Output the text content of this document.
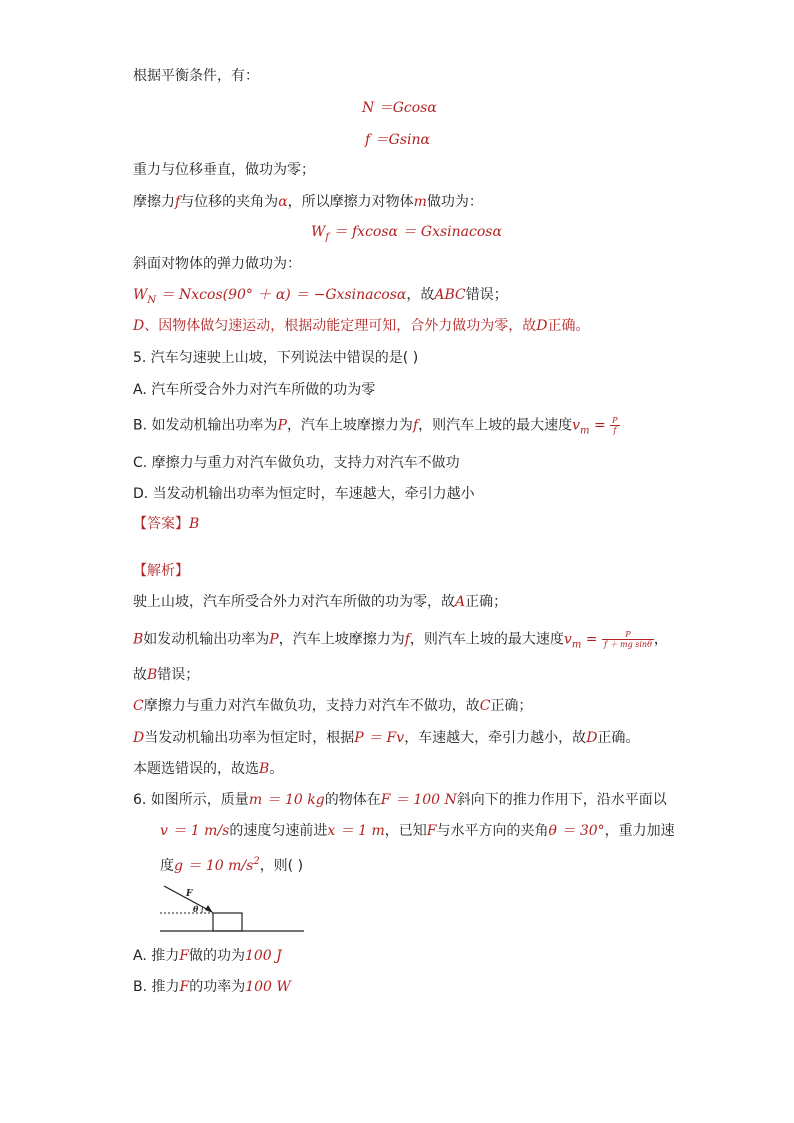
根据平衡条件，有：
N ＝Gcosα
f ＝Gsinα
重力与位移垂直，做功为零；
摩擦力f与位移的夹角为α，所以摩擦力对物体m做功为：
$W_f = fxcos\alpha$ ＝ Gxsinacosα
斜面对物体的弹力做功为：
$W_N = Nxcos(90^\circ + \alpha)$ ＝ −Gxsinacosα，故ABC错误；
D、因物体做匀速运动，根据动能定理可知，合外力做功为零，故D正确。
5. 汽车匀速驶上山坡，下列说法中错误的是( )
A. 汽车所受合外力对汽车所做的功为零
B. 如发动机输出功率为P，汽车上坡摩擦力为f，则汽车上坡的最大速度$v_m = \frac{P}{f}$
C. 摩擦力与重力对汽车做负功，支持力对汽车不做功
D. 当发动机输出功率为恒定时，车速越大，牵引力越小
【答案】B
【解析】
驶上山坡，汽车所受合外力对汽车所做的功为零，故A正确；
B如发动机输出功率为P，汽车上坡摩擦力为f，则汽车上坡的最大速度$v_m = \frac{P}{\text{f ＋ mg sinθ}}$ ，
故B错误；
C摩擦力与重力对汽车做负功，支持力对汽车不做功，故C正确；
D当发动机输出功率为恒定时，根据P ＝ Fv，车速越大，牵引力越小，故D正确。
本题选错误的，故选B。
6. 如图所示，质量m ＝ 10 kg的物体在F ＝ 100 N斜向下的推力作用下，沿水平面以
v ＝ 1 m/s的速度匀速前进x ＝ 1 m，已知F与水平方向的夹角θ ＝ 30°，重力加速
度g ＝ 10 $m/s^2$，则( )
F
θ
A. 推力F做的功为100 J
B. 推力F的功率为100 W
